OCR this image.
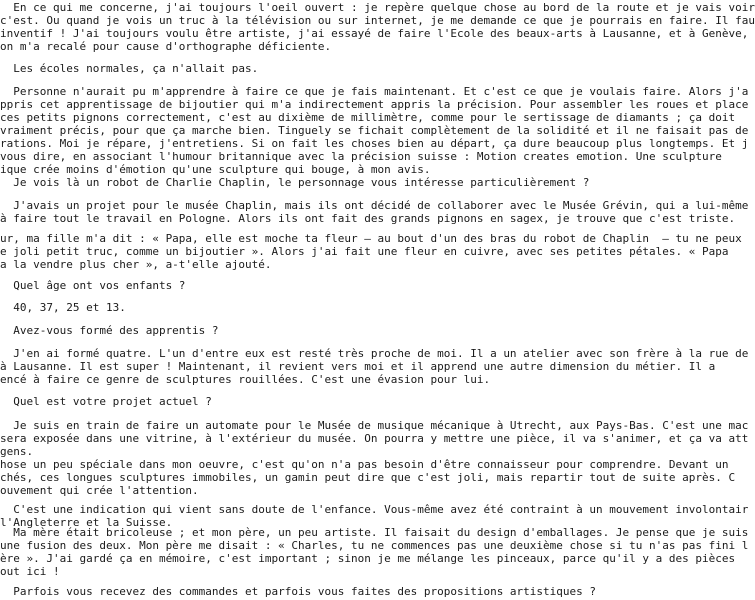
En ce qui me concerne, j'ai toujours l'oeil ouvert : je repère quelque chose au bord de la route et je vais voir
c'est. Ou quand je vois un truc à la télévision ou sur internet, je me demande ce que je pourrais en faire. Il fau
inventif ! J'ai toujours voulu être artiste, j'ai essayé de faire l'Ecole des beaux-arts à Lausanne, et à Genève,
on m'a recalé pour cause d'orthographe déficiente.

Les écoles normales, ça n'allait pas.

Personne n'aurait pu m'apprendre à faire ce que je fais maintenant. Et c'est ce que je voulais faire. Alors j'a
ppris cet apprentissage de bijoutier qui m'a indirectement appris la précision. Pour assembler les roues et place
ces petits pignons correctement, c'est au dixième de millimètre, comme pour le sertissage de diamants ; ça doit
vraiment précis, pour que ça marche bien. Tinguely se fichait complètement de la solidité et il ne faisait pas de
rations. Moi je répare, j'entretiens. Si on fait les choses bien au départ, ça dure beaucoup plus longtemps. Et j
vous dire, en associant l'humour britannique avec la précision suisse : Motion creates emotion. Une sculpture
ique crée moins d'émotion qu'une sculpture qui bouge, à mon avis.

Je vois là un robot de Charlie Chaplin, le personnage vous intéresse particulièrement ?

J'avais un projet pour le musée Chaplin, mais ils ont décidé de collaborer avec le Musée Grévin, qui a lui-même
à faire tout le travail en Pologne. Alors ils ont fait des grands pignons en sagex, je trouve que c'est triste.

ur, ma fille m'a dit : « Papa, elle est moche ta fleur — au bout d'un des bras du robot de Chaplin  — tu ne peux
e joli petit truc, comme un bijoutier ». Alors j'ai fait une fleur en cuivre, avec ses petites pétales. « Papa
a la vendre plus cher », a-t'elle ajouté.

Quel âge ont vos enfants ?

40, 37, 25 et 13.

Avez-vous formé des apprentis ?

J'en ai formé quatre. L'un d'entre eux est resté très proche de moi. Il a un atelier avec son frère à la rue de
à Lausanne. Il est super ! Maintenant, il revient vers moi et il apprend une autre dimension du métier. Il a
encé à faire ce genre de sculptures rouillées. C'est une évasion pour lui.

Quel est votre projet actuel ?

Je suis en train de faire un automate pour le Musée de musique mécanique à Utrecht, aux Pays-Bas. C'est une mac
sera exposée dans une vitrine, à l'extérieur du musée. On pourra y mettre une pièce, il va s'animer, et ça va att
gens.
hose un peu spéciale dans mon oeuvre, c'est qu'on n'a pas besoin d'être connaisseur pour comprendre. Devant un
chés, ces longues sculptures immobiles, un gamin peut dire que c'est joli, mais repartir tout de suite après. C
ouvement qui crée l'attention.

C'est une indication qui vient sans doute de l'enfance. Vous-même avez été contraint à un mouvement involontair
l'Angleterre et la Suisse.

Ma mère était bricoleuse ; et mon père, un peu artiste. Il faisait du design d'emballages. Je pense que je suis
une fusion des deux. Mon père me disait : « Charles, tu ne commences pas une deuxième chose si tu n'as pas fini l
ère ». J'ai gardé ça en mémoire, c'est important ; sinon je me mélange les pinceaux, parce qu'il y a des pièces
out ici !

Parfois vous recevez des commandes et parfois vous faites des propositions artistiques ?
